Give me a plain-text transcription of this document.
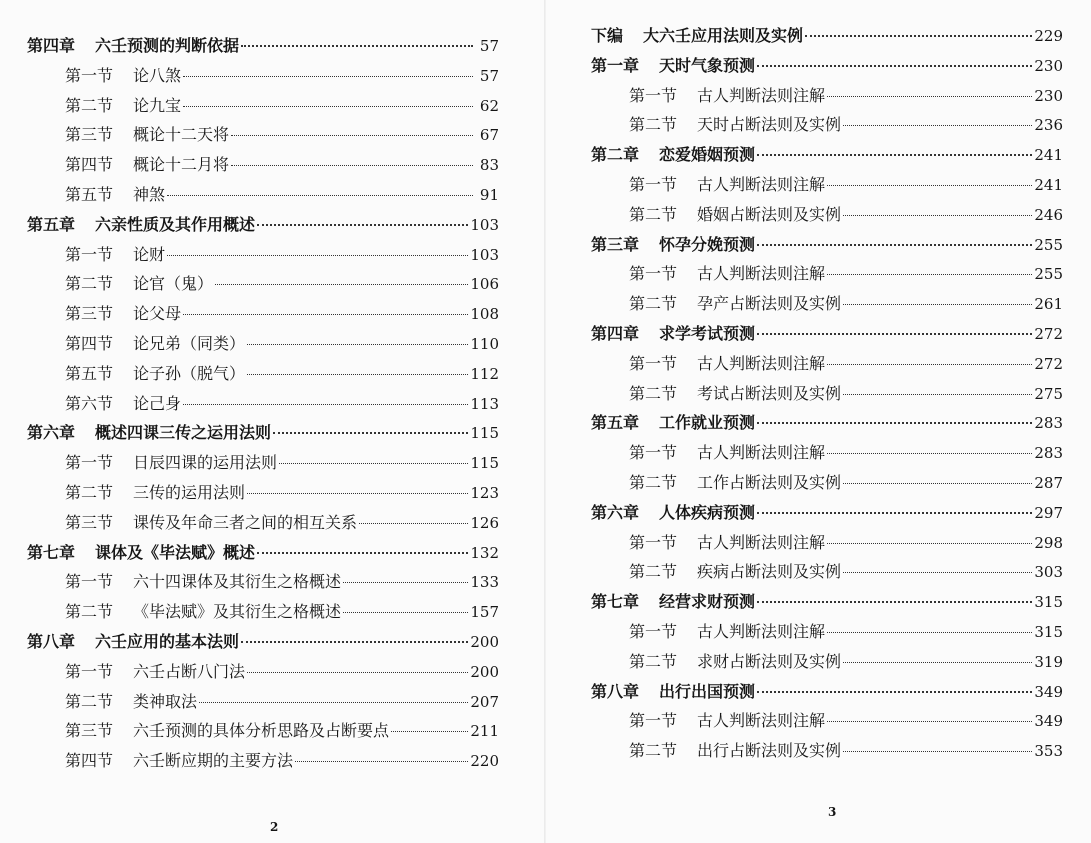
第四章 六壬预测的判断依据	57
第一节 论八煞	57
第二节 论九宝	62
第三节 概论十二天将	67
第四节 概论十二月将	83
第五节 神煞	91
第五章 六亲性质及其作用概述	103
第一节 论财	103
第二节 论官（鬼）	106
第三节 论父母	108
第四节 论兄弟（同类）	110
第五节 论子孙（脱气）	112
第六节 论己身	113
第六章 概述四课三传之运用法则	115
第一节 日辰四课的运用法则	115
第二节 三传的运用法则	123
第三节 课传及年命三者之间的相互关系	126
第七章 课体及《毕法赋》概述	132
第一节 六十四课体及其衍生之格概述	133
第二节 《毕法赋》及其衍生之格概述	157
第八章 六壬应用的基本法则	200
第一节 六壬占断八门法	200
第二节 类神取法	207
第三节 六壬预测的具体分析思路及占断要点	211
第四节 六壬断应期的主要方法	220
2
下编 大六壬应用法则及实例	229
第一章 天时气象预测	230
第一节 古人判断法则注解	230
第二节 天时占断法则及实例	236
第二章 恋爱婚姻预测	241
第一节 古人判断法则注解	241
第二节 婚姻占断法则及实例	246
第三章 怀孕分娩预测	255
第一节 古人判断法则注解	255
第二节 孕产占断法则及实例	261
第四章 求学考试预测	272
第一节 古人判断法则注解	272
第二节 考试占断法则及实例	275
第五章 工作就业预测	283
第一节 古人判断法则注解	283
第二节 工作占断法则及实例	287
第六章 人体疾病预测	297
第一节 古人判断法则注解	298
第二节 疾病占断法则及实例	303
第七章 经营求财预测	315
第一节 古人判断法则注解	315
第二节 求财占断法则及实例	319
第八章 出行出国预测	349
第一节 古人判断法则注解	349
第二节 出行占断法则及实例	353
3
